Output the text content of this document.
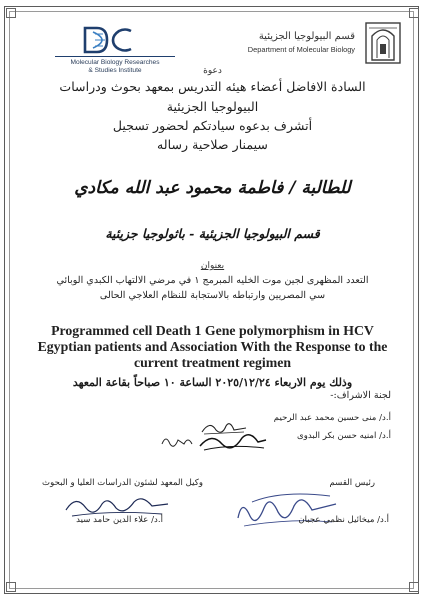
Molecular Biology Researches
& Studies Institute
قسم البيولوجيا الجزيئية
Department of Molecular Biology
دعوة
السادة الافاضل أعضاء هيئه التدريس بمعهد بحوث ودراسات
البيولوجيا الجزيئية
أتشرف بدعوه سيادتكم لحضور تسجيل
سيمنار صلاحية رساله
للطالبة / فاطمة محمود عبد الله مكادي
قسم البيولوجيا الجزيئية - باثولوجيا جزيئية
بعنوان
التعدد المظهرى لجين موت الخليه المبرمج ١ في مرضي الالتهاب الكبدي الوبائي
سي المصريين وارتباطه بالاستجابة للنظام العلاجي الحالى
Programmed cell Death 1 Gene polymorphism in HCV
Egyptian patients and Association With the Response to the
current treatment regimen
وذلك يوم الاربعاء ٢٠٢٥/١٢/٢٤ الساعة ١٠ صباحاً بقاعة المعهد
لجنة الاشراف:-
أ.د/ منى حسين محمد عبد الرحيم
أ.د/ امنيه حسن بكر البدوى
وكيل المعهد لشئون الدراسات العليا و البحوث
أ.د/ علاء الدين حامد سيد
رئيس القسم
أ.د/ ميخائيل نظمي عجبان
